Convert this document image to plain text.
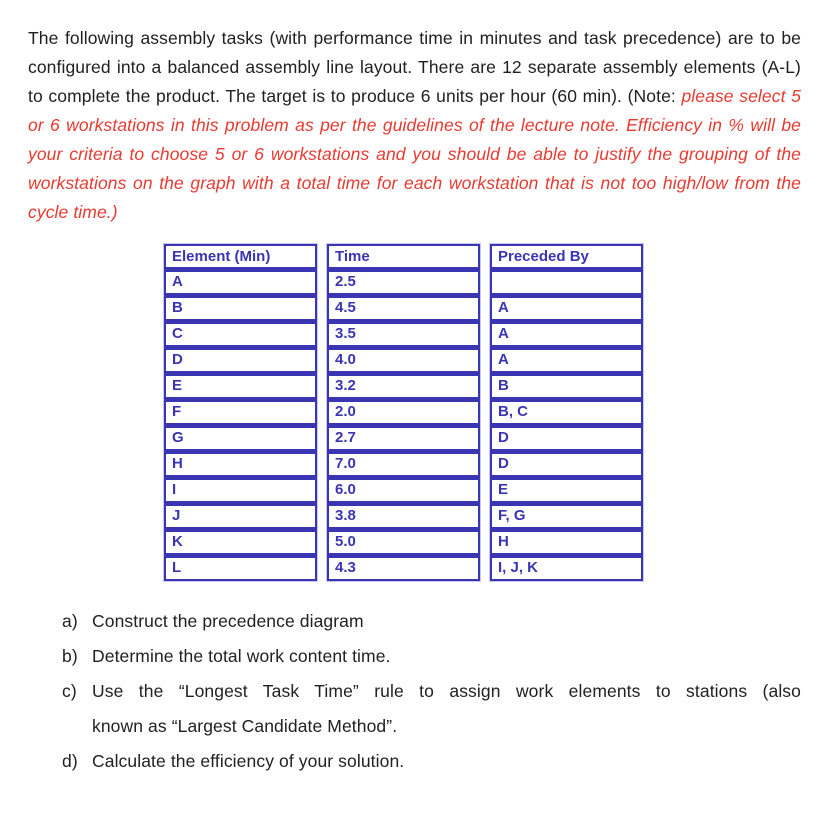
The following assembly tasks (with performance time in minutes and task precedence) are to be configured into a balanced assembly line layout. There are 12 separate assembly elements (A-L) to complete the product. The target is to produce 6 units per hour (60 min). (Note: please select 5 or 6 workstations in this problem as per the guidelines of the lecture note. Efficiency in % will be your criteria to choose 5 or 6 workstations and you should be able to justify the grouping of the workstations on the graph with a total time for each workstation that is not too high/low from the cycle time.)

Element (Min)
A
B
C
D
E
F
G
H
I
J
K
L
Time
2.5
4.5
3.5
4.0
3.2
2.0
2.7
7.0
6.0
3.8
5.0
4.3
Preceded By
A
A
A
B
B, C
D
D
E
F, G
H
I, J, K
a) Construct the precedence diagram
b) Determine the total work content time.
c) Use the “Longest Task Time” rule to assign work elements to stations (also
known as “Largest Candidate Method”.
d) Calculate the efficiency of your solution.
